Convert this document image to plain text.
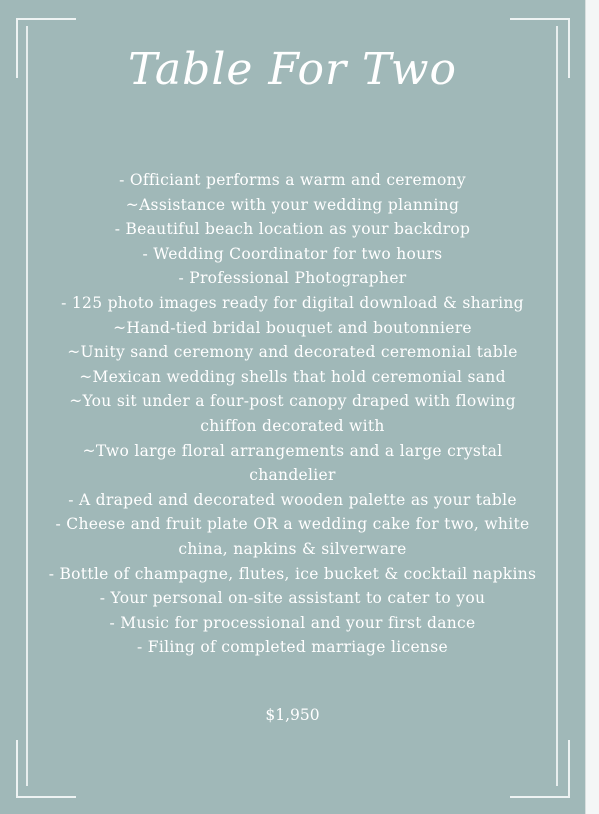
Table For Two
- Officiant performs a warm and ceremony
~Assistance with your wedding planning
- Beautiful beach location as your backdrop
- Wedding Coordinator for two hours
- Professional Photographer
- 125 photo images ready for digital download & sharing
~Hand-tied bridal bouquet and boutonniere
~Unity sand ceremony and decorated ceremonial table
~Mexican wedding shells that hold ceremonial sand
~You sit under a four-post canopy draped with flowing chiffon decorated with
~Two large floral arrangements and a large crystal chandelier
- A draped and decorated wooden palette as your table
- Cheese and fruit plate OR a wedding cake for two, white china, napkins & silverware
- Bottle of champagne, flutes, ice bucket & cocktail napkins
- Your personal on-site assistant to cater to you
- Music for processional and your first dance
- Filing of completed marriage license
$1,950
